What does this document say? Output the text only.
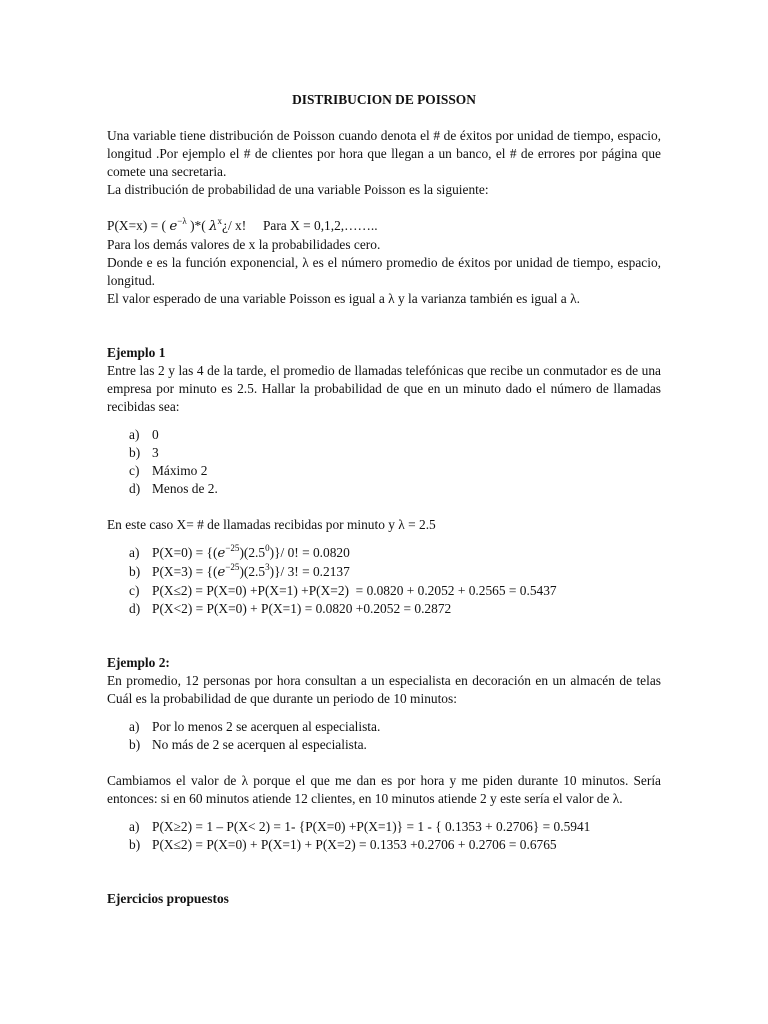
DISTRIBUCION DE POISSON

Una variable tiene distribución de Poisson cuando denota el # de éxitos por unidad de tiempo, espacio, longitud .Por ejemplo el # de clientes por hora que llegan a un banco, el # de errores por página que comete una secretaria.

La distribución de probabilidad de una variable Poisson es la siguiente:

P(X=x) = ( $e^{-\lambda}$ )*( $\lambda^x¿/$ x!     Para X = 0,1,2,……..

Para los demás valores de x la probabilidades cero.

Donde e es la función exponencial, λ es el número promedio de éxitos por unidad de tiempo, espacio, longitud.

El valor esperado de una variable Poisson es igual a λ y la varianza también es igual a λ.

Ejemplo 1

Entre las 2 y las 4 de la tarde, el promedio de llamadas telefónicas que recibe un conmutador es de una empresa por minuto es 2.5. Hallar la probabilidad de que en un minuto dado el número de llamadas recibidas sea:

a) 0
b) 3
c) Máximo 2
d) Menos de 2.

En este caso X= # de llamadas recibidas por minuto y λ = 2.5

a) $P(X=0) = \{(e^{-25})(2.5^0)\}/$ 0! = 0.0820
b) $P(X=3) = \{(e^{-25})(2.5^3)\}/$ 3! = 0.2137
c) P(X≤2) = P(X=0) +P(X=1) +P(X=2)  = 0.0820 + 0.2052 + 0.2565 = 0.5437
d) P(X<2) = P(X=0) + P(X=1) = 0.0820 +0.2052 = 0.2872

Ejemplo 2:

En promedio, 12 personas por hora consultan a un especialista en decoración en un almacén de telas Cuál es la probabilidad de que durante un periodo de 10 minutos:

a) Por lo menos 2 se acerquen al especialista.
b) No más de 2 se acerquen al especialista.

Cambiamos el valor de λ porque el que me dan es por hora y me piden durante 10 minutos. Sería entonces: si en 60 minutos atiende 12 clientes, en 10 minutos atiende 2 y este sería el valor de λ.

a) P(X≥2) = 1 – P(X< 2) = 1- {P(X=0) +P(X=1)} = 1 - { 0.1353 + 0.2706} = 0.5941
b) P(X≤2) = P(X=0) + P(X=1) + P(X=2) = 0.1353 +0.2706 + 0.2706 = 0.6765

Ejercicios propuestos
